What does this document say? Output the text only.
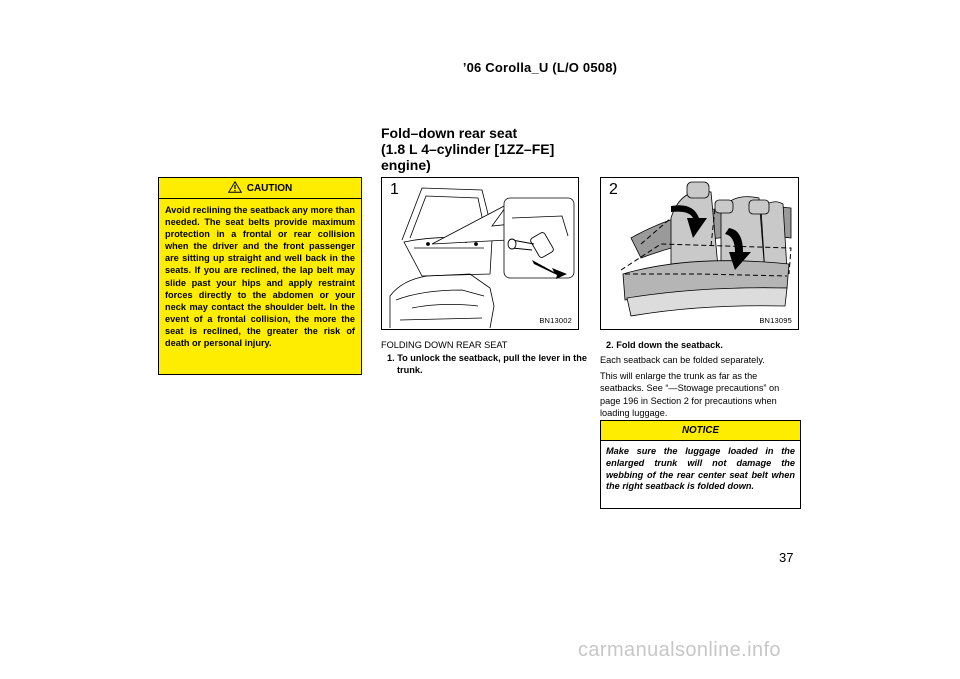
’06 Corolla_U (L/O 0508)
Fold–down rear seat
(1.8 L 4–cylinder [1ZZ–FE]
engine)
CAUTION
Avoid reclining the seatback any more than needed. The seat belts provide maximum protection in a frontal or rear collision when the driver and the front passenger are sitting up straight and well back in the seats. If you are reclined, the lap belt may slide past your hips and apply restraint forces directly to the abdomen or your neck may contact the shoulder belt. In the event of a frontal collision, the more the seat is reclined, the greater the risk of death or personal injury.
1
BN13002
2
BN13095

FOLDING DOWN REAR SEAT

1. To unlock the seatback, pull the lever in the trunk.

2. Fold down the seatback.

Each seatback can be folded separately.

This will enlarge the trunk as far as the seatbacks. See “—Stowage precautions” on page 196 in Section 2 for precautions when loading luggage.

NOTICE
Make sure the luggage loaded in the enlarged trunk will not damage the webbing of the rear center seat belt when the right seatback is folded down.
37
carmanualsonline.info
